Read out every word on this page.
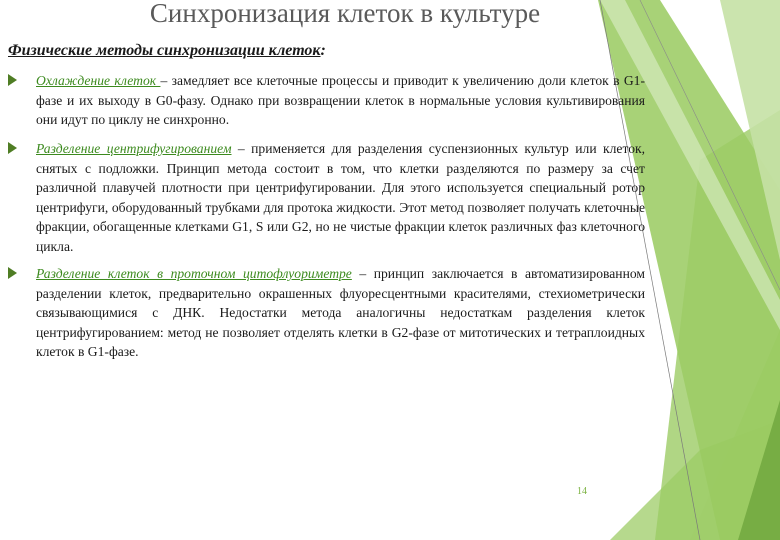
Синхронизация клеток в культуре
Физические методы синхронизации клеток:
Охлаждение клеток – замедляет все клеточные процессы и приводит к увеличению доли клеток в G1-фазе и их выходу в G0-фазу. Однако при возвращении клеток в нормальные условия культивирования они идут по циклу не синхронно.
Разделение центрифугированием – применяется для разделения суспензионных культур или клеток, снятых с подложки. Принцип метода состоит в том, что клетки разделяются по размеру за счет различной плавучей плотности при центрифугировании. Для этого используется специальный ротор центрифуги, оборудованный трубками для протока жидкости. Этот метод позволяет получать клеточные фракции, обогащенные клетками G1, S или G2, но не чистые фракции клеток различных фаз клеточного цикла.
Разделение клеток в проточном цитофлуориметре – принцип заключается в автоматизированном разделении клеток, предварительно окрашенных флуоресцентными красителями, стехиометрически связывающимися с ДНК. Недостатки метода аналогичны недостаткам разделения клеток центрифугированием: метод не позволяет отделять клетки в G2-фазе от митотических и тетраплоидных клеток в G1-фазе.
14
